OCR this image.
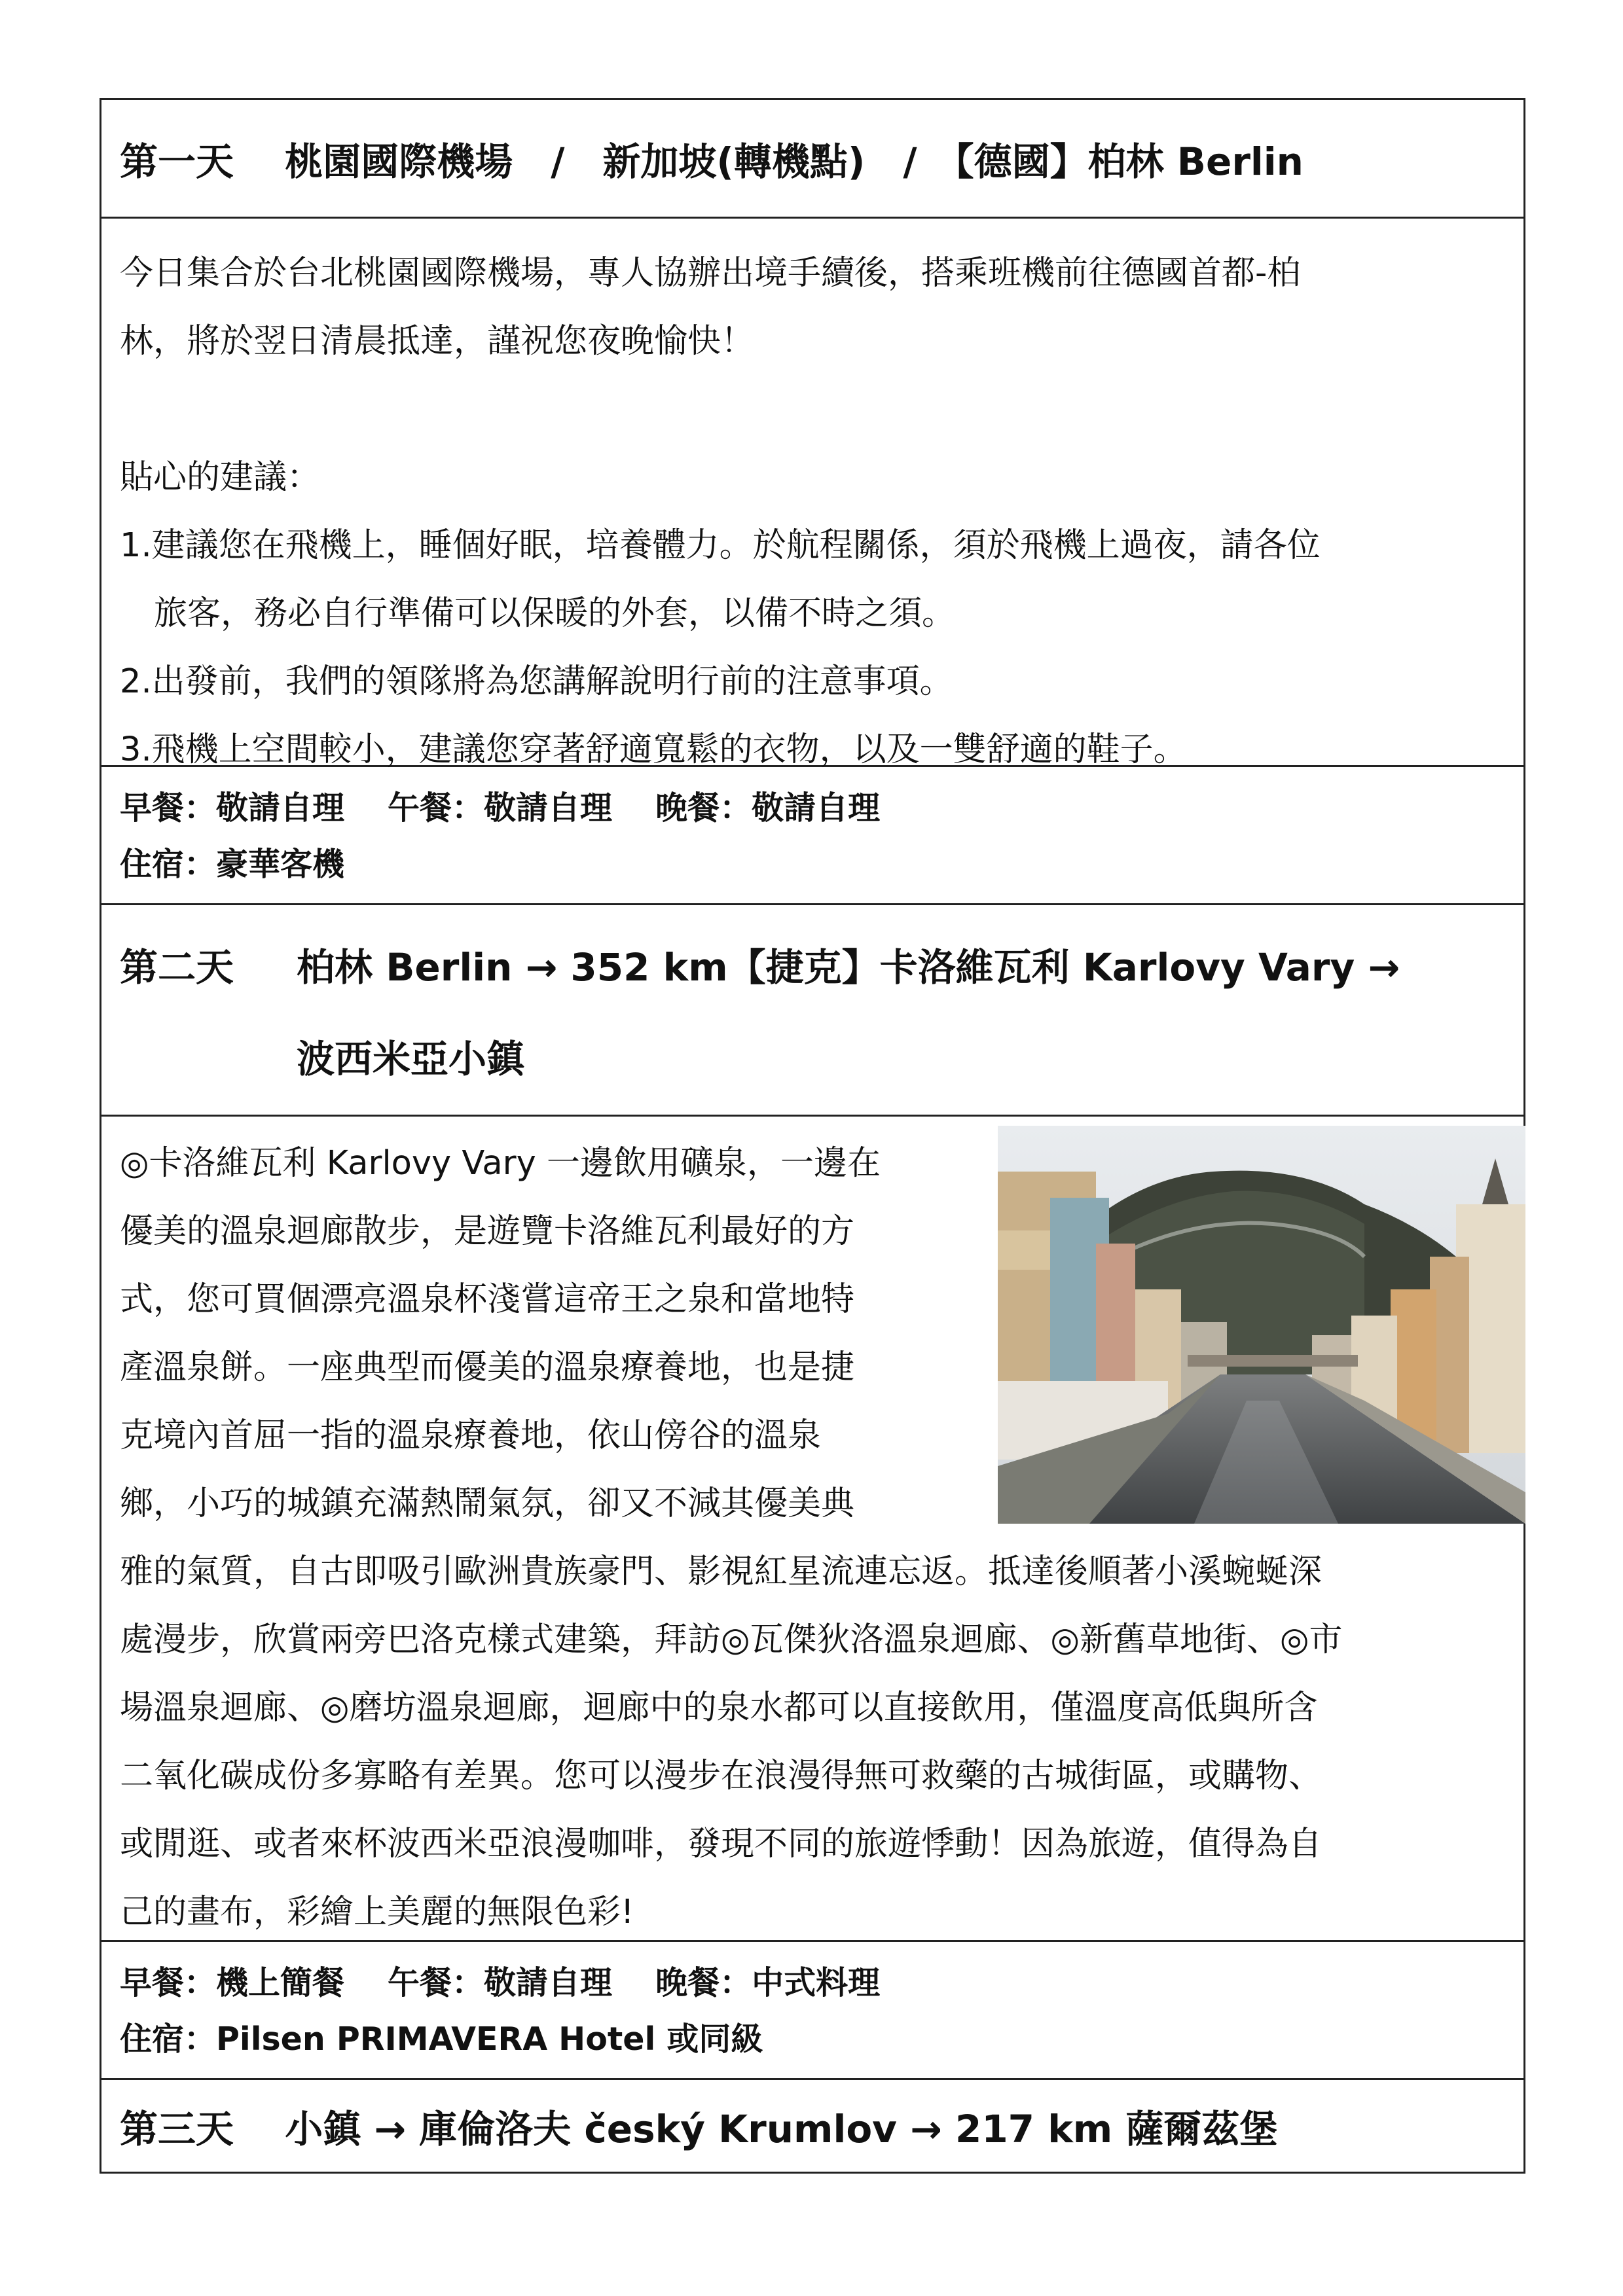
第一天　 桃園國際機場　/　新加坡(轉機點)　/　【德國】柏林 Berlin

今日集合於台北桃園國際機場，專人協辦出境手續後，搭乘班機前往德國首都-柏

林，將於翌日清晨抵達，謹祝您夜晚愉快！

貼心的建議：

1.建議您在飛機上，睡個好眠，培養體力。於航程關係，須於飛機上過夜，請各位

旅客，務必自行準備可以保暖的外套，以備不時之須。

2.出發前，我們的領隊將為您講解說明行前的注意事項。

3.飛機上空間較小，建議您穿著舒適寬鬆的衣物，以及一雙舒適的鞋子。

早餐：敬請自理　 午餐：敬請自理　 晚餐：敬請自理

住宿：豪華客機

第二天 柏林 Berlin → 352 km【捷克】卡洛維瓦利 Karlovy Vary →
波西米亞小鎮
◎卡洛維瓦利 Karlovy Vary 一邊飲用礦泉，一邊在
優美的溫泉迴廊散步，是遊覽卡洛維瓦利最好的方
式，您可買個漂亮溫泉杯淺嘗這帝王之泉和當地特
產溫泉餅。一座典型而優美的溫泉療養地，也是捷
克境內首屈一指的溫泉療養地，依山傍谷的溫泉
鄉，小巧的城鎮充滿熱鬧氣氛，卻又不減其優美典
雅的氣質，自古即吸引歐洲貴族豪門、影視紅星流連忘返。抵達後順著小溪蜿蜒深
處漫步，欣賞兩旁巴洛克樣式建築，拜訪◎瓦傑狄洛溫泉迴廊、◎新舊草地街、◎市
場溫泉迴廊、◎磨坊溫泉迴廊，迴廊中的泉水都可以直接飲用，僅溫度高低與所含
二氧化碳成份多寡略有差異。您可以漫步在浪漫得無可救藥的古城街區，或購物、
或閒逛、或者來杯波西米亞浪漫咖啡，發現不同的旅遊悸動！因為旅遊，值得為自
己的畫布，彩繪上美麗的無限色彩!

早餐：機上簡餐　 午餐：敬請自理　 晚餐：中式料理

住宿：Pilsen PRIMAVERA Hotel 或同級

第三天　 小鎮 → 庫倫洛夫 český Krumlov → 217 km 薩爾茲堡
